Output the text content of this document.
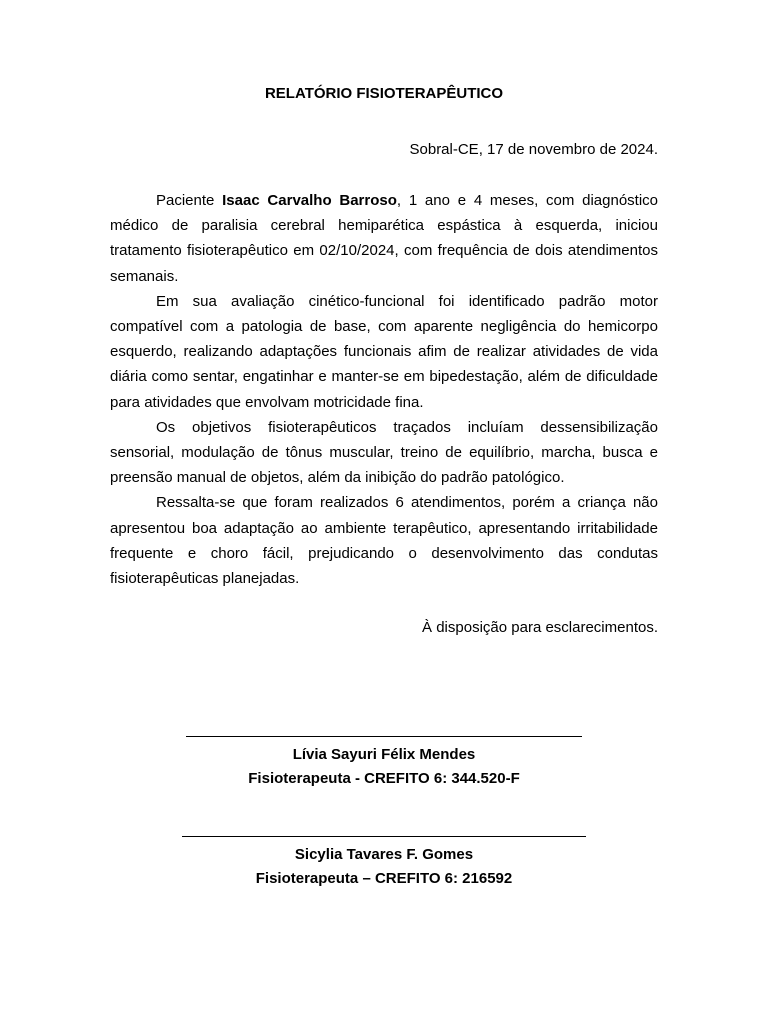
RELATÓRIO FISIOTERAPÊUTICO
Sobral-CE, 17 de novembro de 2024.

Paciente Isaac Carvalho Barroso, 1 ano e 4 meses, com diagnóstico médico de paralisia cerebral hemiparética espástica à esquerda, iniciou tratamento fisioterapêutico em 02/10/2024, com frequência de dois atendimentos semanais.

Em sua avaliação cinético-funcional foi identificado padrão motor compatível com a patologia de base, com aparente negligência do hemicorpo esquerdo, realizando adaptações funcionais afim de realizar atividades de vida diária como sentar, engatinhar e manter-se em bipedestação, além de dificuldade para atividades que envolvam motricidade fina.

Os objetivos fisioterapêuticos traçados incluíam dessensibilização sensorial, modulação de tônus muscular, treino de equilíbrio, marcha, busca e preensão manual de objetos, além da inibição do padrão patológico.

Ressalta-se que foram realizados 6 atendimentos, porém a criança não apresentou boa adaptação ao ambiente terapêutico, apresentando irritabilidade frequente e choro fácil, prejudicando o desenvolvimento das condutas fisioterapêuticas planejadas.

À disposição para esclarecimentos.
Lívia Sayuri Félix Mendes
Fisioterapeuta - CREFITO 6: 344.520-F
Sicylia Tavares F. Gomes
Fisioterapeuta – CREFITO 6: 216592
